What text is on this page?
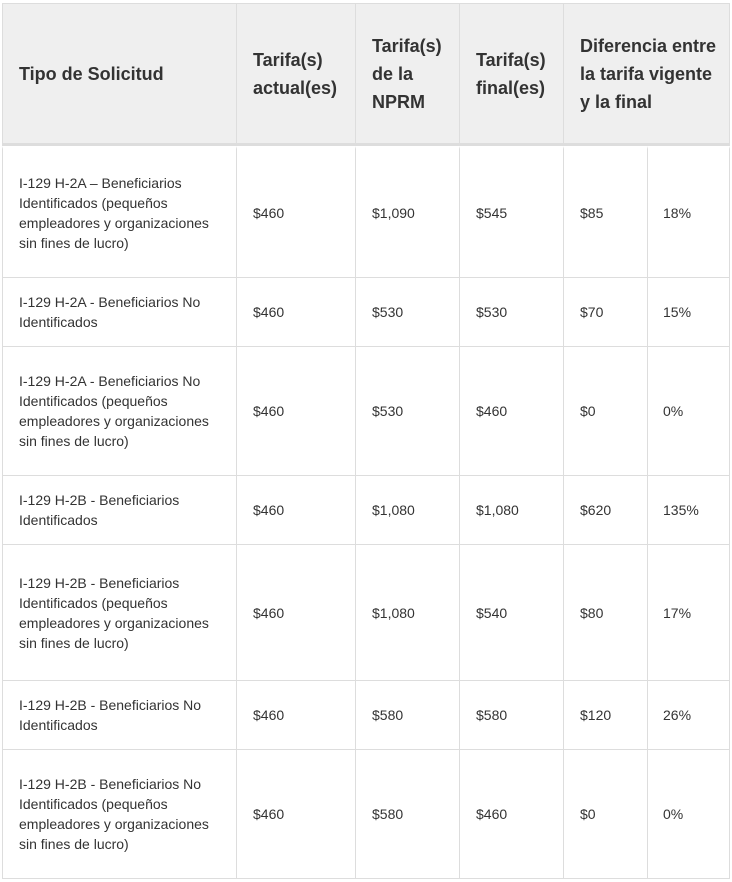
Tipo de Solicitud	Tarifa(s) actual(es)	Tarifa(s) de la NPRM	Tarifa(s) final(es)	Diferencia entre la tarifa vigente y la final	
I-129 H-2A – Beneficiarios Identificados (pequeños empleadores y organizaciones sin fines de lucro)	$460	$1,090	$545	$85	18%
I-129 H-2A - Beneficiarios No Identificados	$460	$530	$530	$70	15%
I-129 H-2A - Beneficiarios No Identificados (pequeños empleadores y organizaciones sin fines de lucro)	$460	$530	$460	$0	0%
I-129 H-2B - Beneficiarios Identificados	$460	$1,080	$1,080	$620	135%
I-129 H-2B - Beneficiarios Identificados (pequeños empleadores y organizaciones sin fines de lucro)	$460	$1,080	$540	$80	17%
I-129 H-2B - Beneficiarios No Identificados	$460	$580	$580	$120	26%
I-129 H-2B - Beneficiarios No Identificados (pequeños empleadores y organizaciones sin fines de lucro)	$460	$580	$460	$0	0%
